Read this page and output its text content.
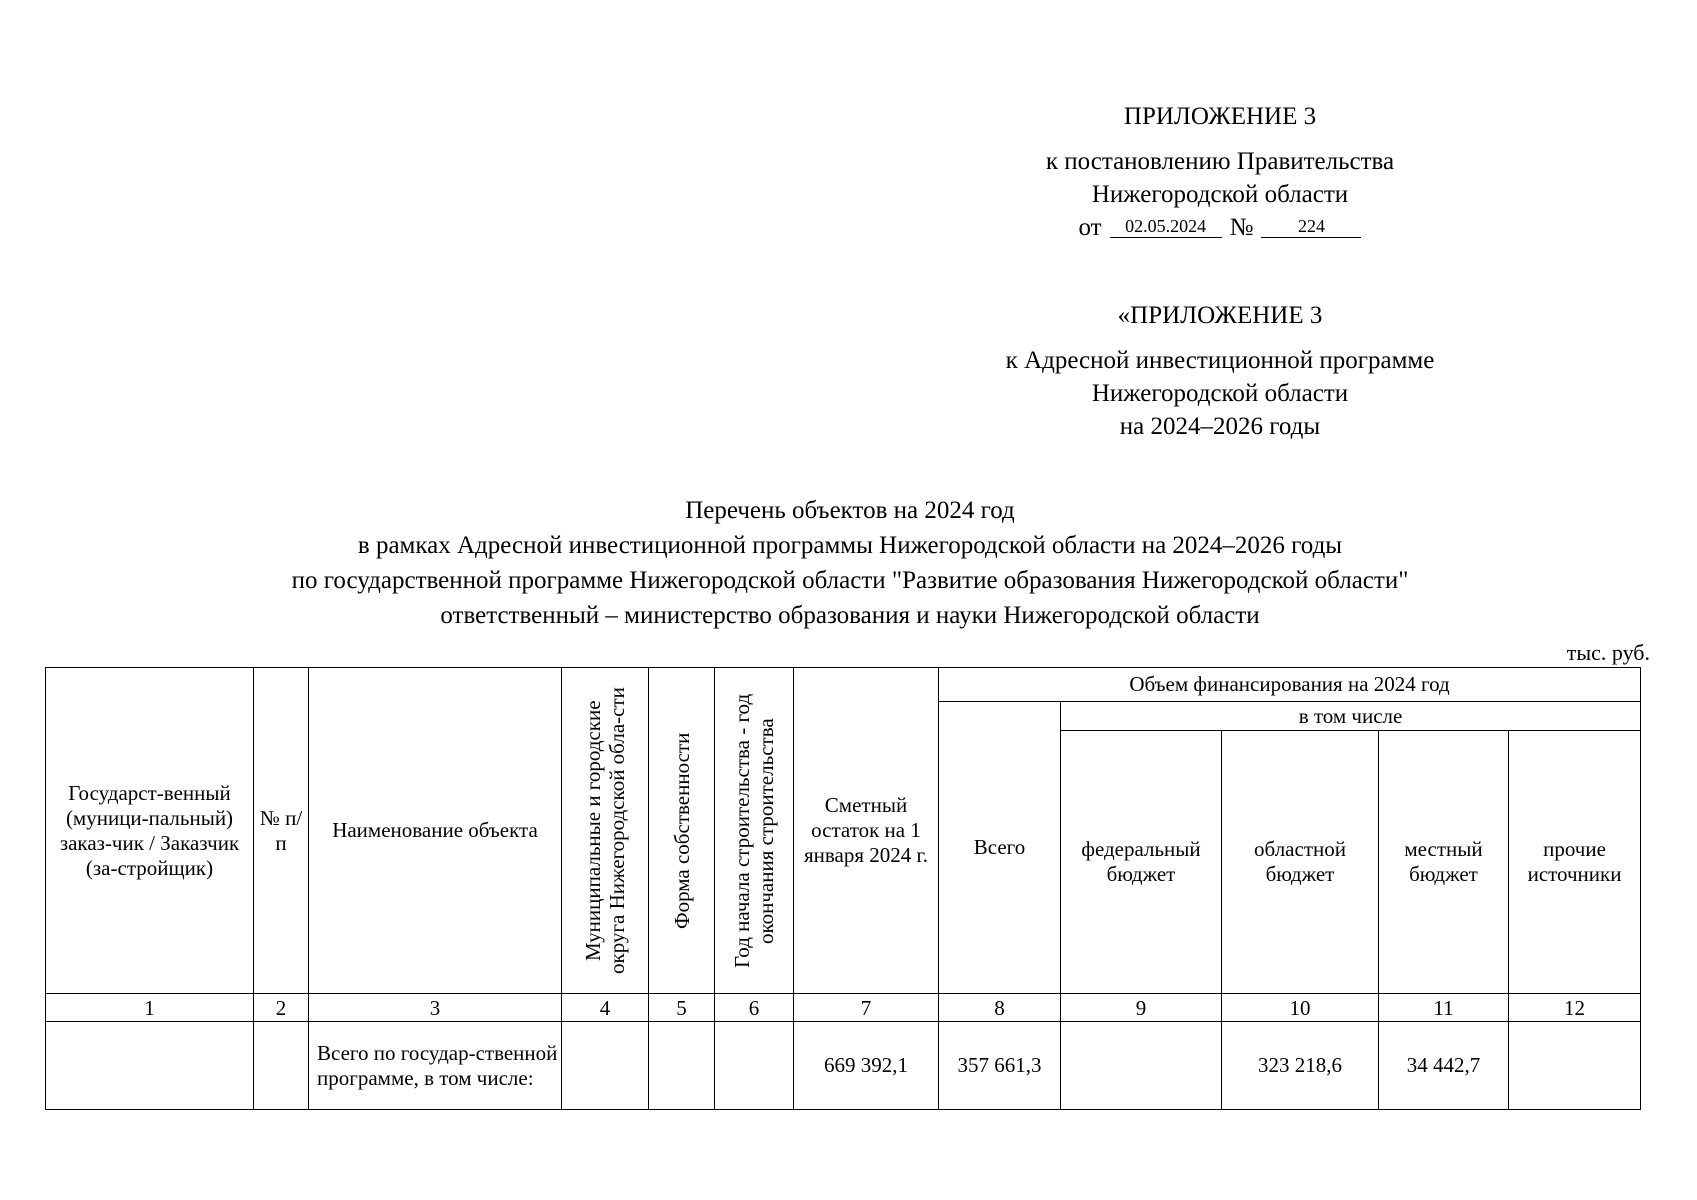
ПРИЛОЖЕНИЕ 3
к постановлению Правительства
Нижегородской области
от	02.05.2024 №	224
«ПРИЛОЖЕНИЕ 3
к Адресной инвестиционной программе
Нижегородской области
на 2024–2026 годы
Перечень объектов на 2024 год
в рамках Адресной инвестиционной программы Нижегородской области на 2024–2026 годы
по государственной программе Нижегородской области "Развитие образования Нижегородской области"
ответственный – министерство образования и науки Нижегородской области
тыс. руб.
Государст-венный (муници-пальный) заказ-чик / Заказчик (за-стройщик)	№ п/п	Наименование объекта	Муниципальные и городские округа Нижегородской обла-сти	Форма собственности	Год начала строительства - год окончания строительства	Сметный остаток на 1 января 2024 г.	Объем финансирования на 2024 год				
							Всего	в том числе			
								федеральный бюджет	областной бюджет	местный бюджет	прочие источники
1	2	3	4	5	6	7	8	9	10	11	12
		Всего по государ-ственной программе, в том числе:				669 392,1	357 661,3		323 218,6	34 442,7	
